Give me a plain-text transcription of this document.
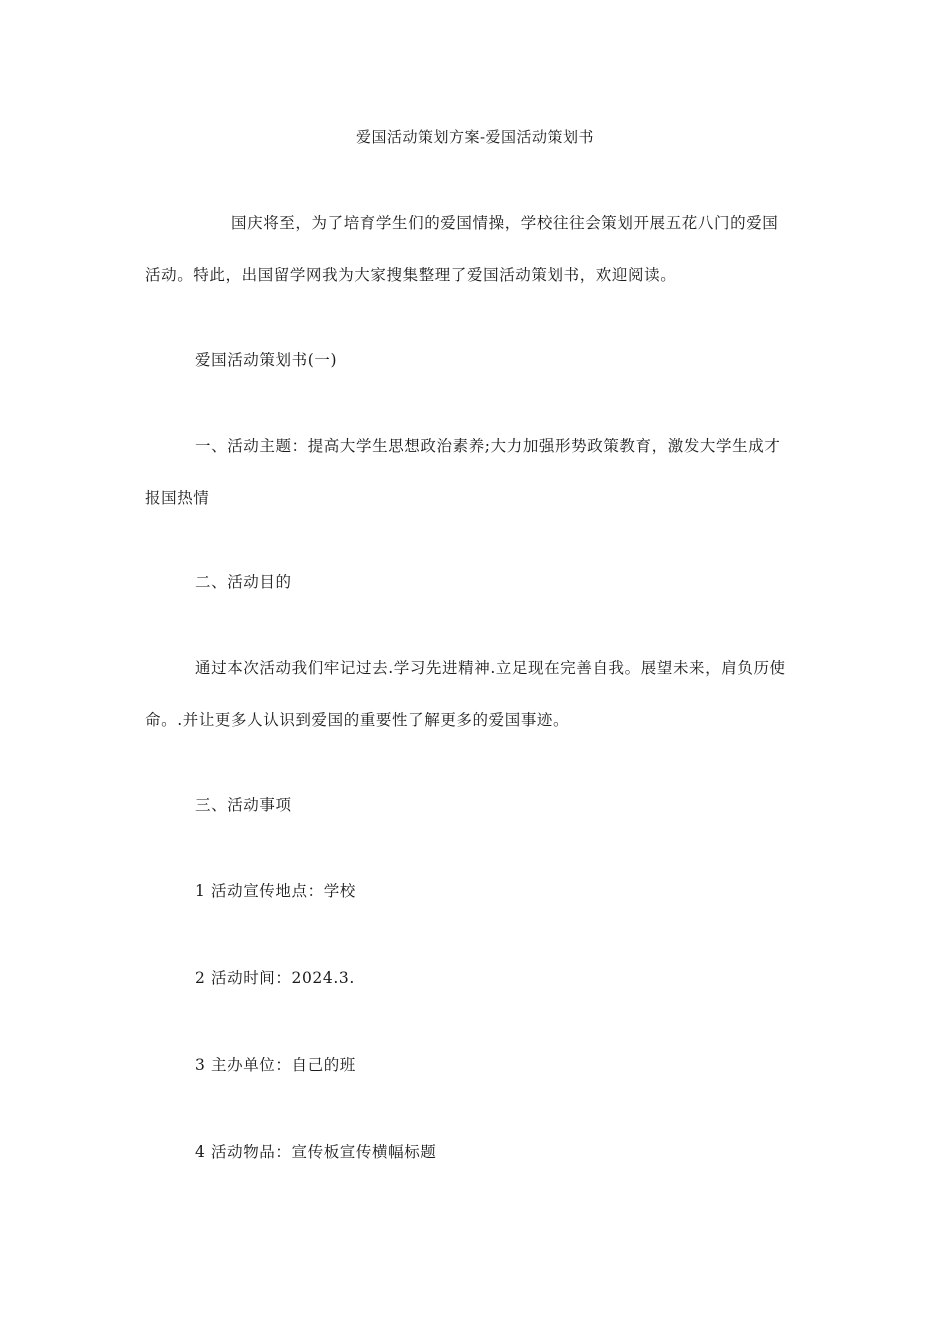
爱国活动策划方案-爱国活动策划书
国庆将至，为了培育学生们的爱国情操，学校往往会策划开展五花八门的爱国
活动。特此，出国留学网我为大家搜集整理了爱国活动策划书，欢迎阅读。
爱国活动策划书(一)
一、活动主题：提高大学生思想政治素养;大力加强形势政策教育，激发大学生成才
报国热情
二、活动目的
通过本次活动我们牢记过去.学习先进精神.立足现在完善自我。展望未来，肩负历使
命。.并让更多人认识到爱国的重要性了解更多的爱国事迹。
三、活动事项
1 活动宣传地点：学校
2 活动时间：2024.3.
3 主办单位：自己的班
4 活动物品：宣传板宣传横幅标题
